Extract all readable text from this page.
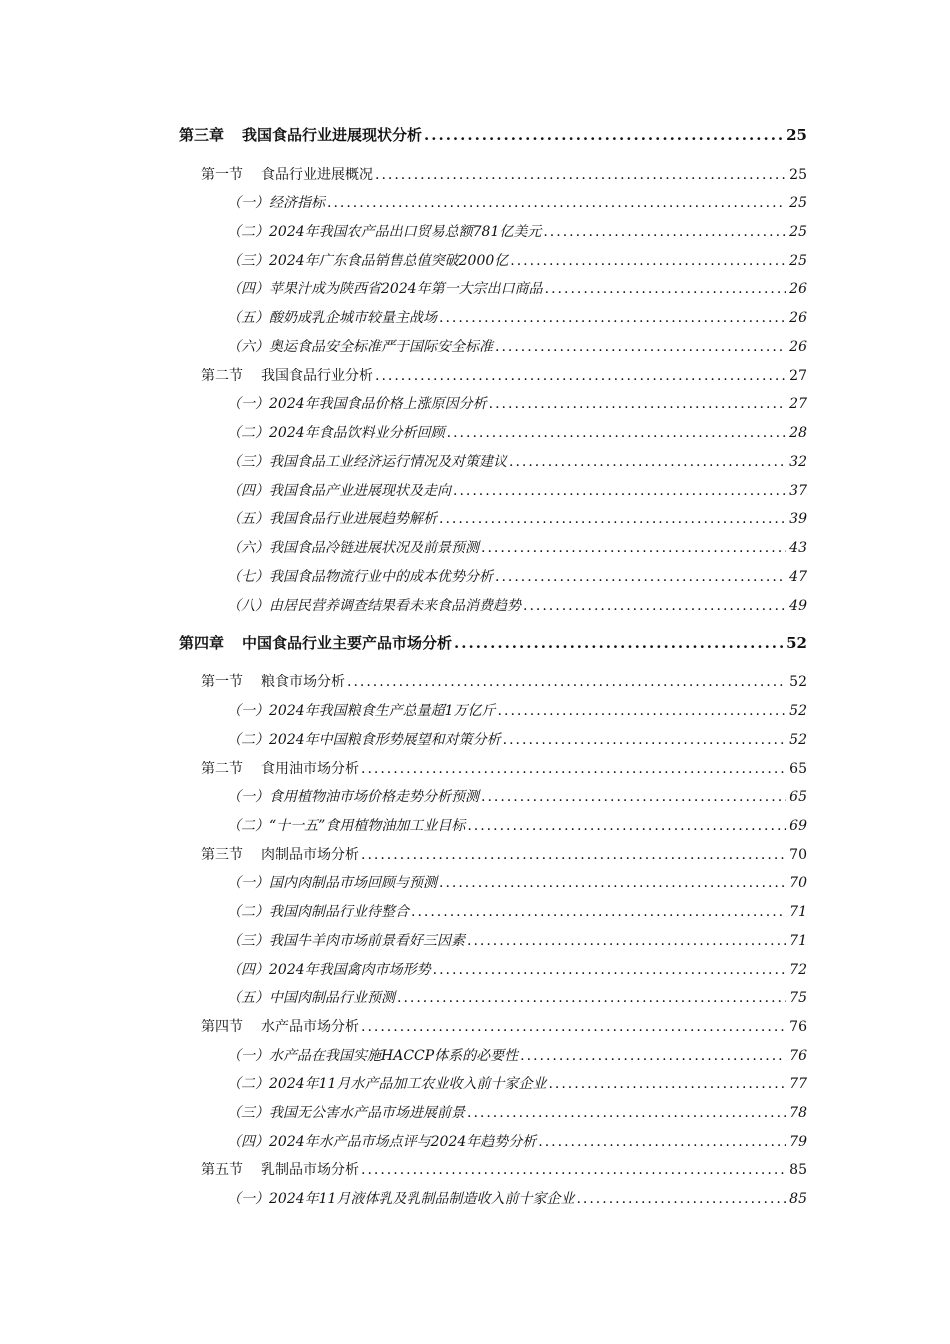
第三章 我国食品行业进展现状分析 .....	25
第一节 食品行业进展概况 .....	25
（一）经济指标 .....	25
（二）2024年我国农产品出口贸易总额781亿美元 .....	25
（三）2024年广东食品销售总值突破2000亿 .....	25
（四）苹果汁成为陕西省2024年第一大宗出口商品 .....	26
（五）酸奶成乳企城市较量主战场 .....	26
（六）奥运食品安全标准严于国际安全标准 .....	26
第二节 我国食品行业分析 .....	27
（一）2024年我国食品价格上涨原因分析 .....	27
（二）2024年食品饮料业分析回顾 .....	28
（三）我国食品工业经济运行情况及对策建议 .....	32
（四）我国食品产业进展现状及走向 .....	37
（五）我国食品行业进展趋势解析 .....	39
（六）我国食品冷链进展状况及前景预测 .....	43
（七）我国食品物流行业中的成本优势分析 .....	47
（八）由居民营养调查结果看未来食品消费趋势 .....	49
第四章 中国食品行业主要产品市场分析 .....	52
第一节 粮食市场分析 .....	52
（一）2024年我国粮食生产总量超1万亿斤 .....	52
（二）2024年中国粮食形势展望和对策分析 .....	52
第二节 食用油市场分析 .....	65
（一）食用植物油市场价格走势分析预测 .....	65
（二）“十一五”食用植物油加工业目标 .....	69
第三节 肉制品市场分析 .....	70
（一）国内肉制品市场回顾与预测 .....	70
（二）我国肉制品行业待整合 .....	71
（三）我国牛羊肉市场前景看好三因素 .....	71
（四）2024年我国禽肉市场形势 .....	72
（五）中国肉制品行业预测 .....	75
第四节 水产品市场分析 .....	76
（一）水产品在我国实施HACCP体系的必要性 .....	76
（二）2024年11月水产品加工农业收入前十家企业 .....	77
（三）我国无公害水产品市场进展前景 .....	78
（四）2024年水产品市场点评与2024年趋势分析 .....	79
第五节 乳制品市场分析 .....	85
（一）2024年11月液体乳及乳制品制造收入前十家企业 .....	85
